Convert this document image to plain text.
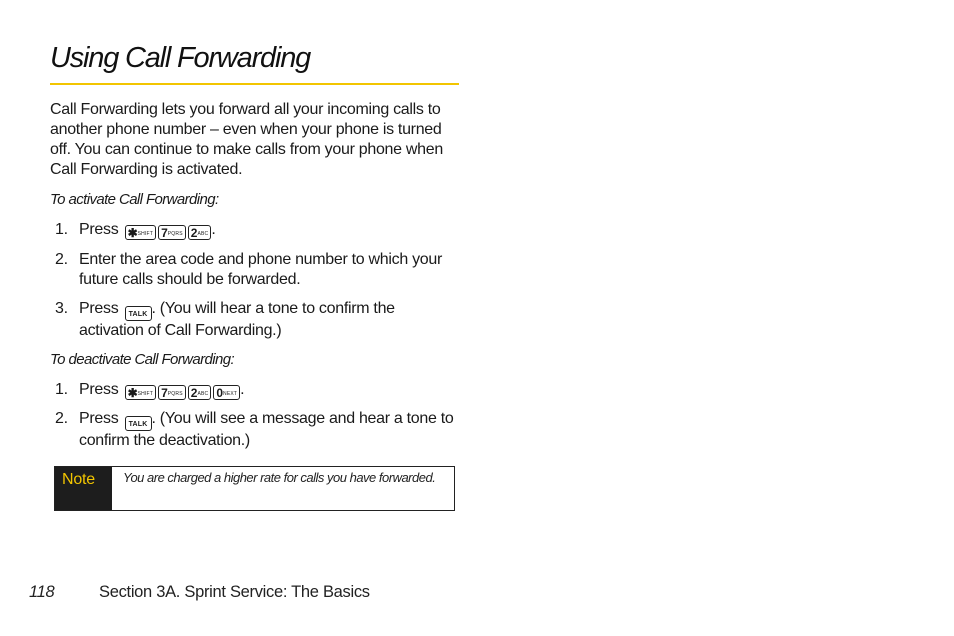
Using Call Forwarding

Call Forwarding lets you forward all your incoming calls to another phone number – even when your phone is turned off. You can continue to make calls from your phone when Call Forwarding is activated.

To activate Call Forwarding:

1. Press ✱SHIFT 7PQRS 2ABC .
2. Enter the area code and phone number to which your future calls should be forwarded.
3. Press TALK . (You will hear a tone to confirm the activation of Call Forwarding.)

To deactivate Call Forwarding:

1. Press ✱SHIFT 7PQRS 2ABC 0NEXT .
2. Press TALK . (You will see a message and hear a tone to confirm the deactivation.)
Note	You are charged a higher rate for calls you have forwarded.
118	Section 3A. Sprint Service: The Basics
